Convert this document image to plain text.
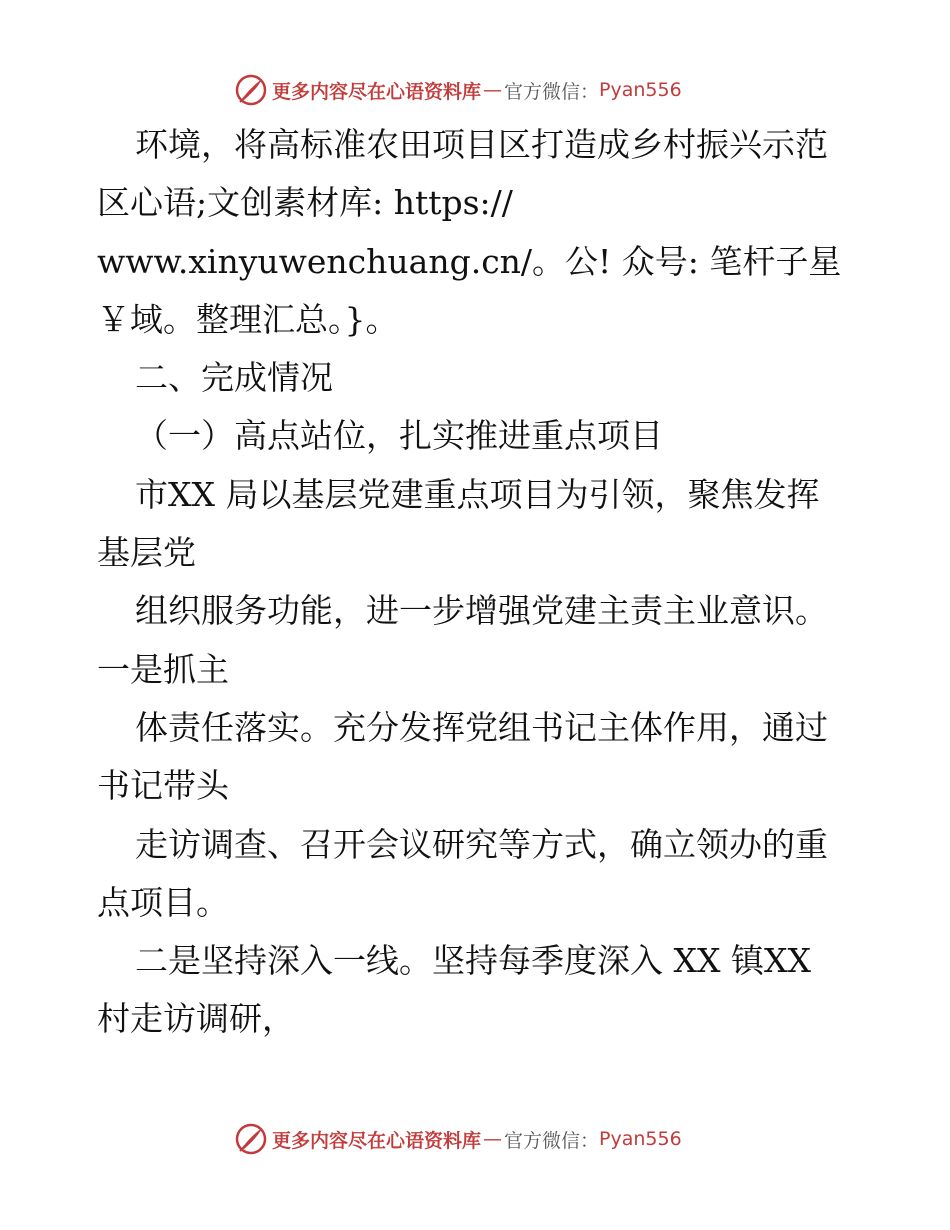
更多内容尽在心语资料库 — 官方微信： Pyan556
环境，将高标准农田项目区打造成乡村振兴示范
区心语;文创素材库: https://
www.xinyuwenchuang.cn/。公! 众号: 笔杆子星
￥域。整理汇总。}。
二、完成情况
（一）高点站位，扎实推进重点项目
市XX 局以基层党建重点项目为引领，聚焦发挥
基层党
组织服务功能，进一步增强党建主责主业意识。
一是抓主
体责任落实。充分发挥党组书记主体作用，通过
书记带头
走访调查、召开会议研究等方式，确立领办的重
点项目。
二是坚持深入一线。坚持每季度深入 XX 镇XX
村走访调研，
更多内容尽在心语资料库 — 官方微信： Pyan556
